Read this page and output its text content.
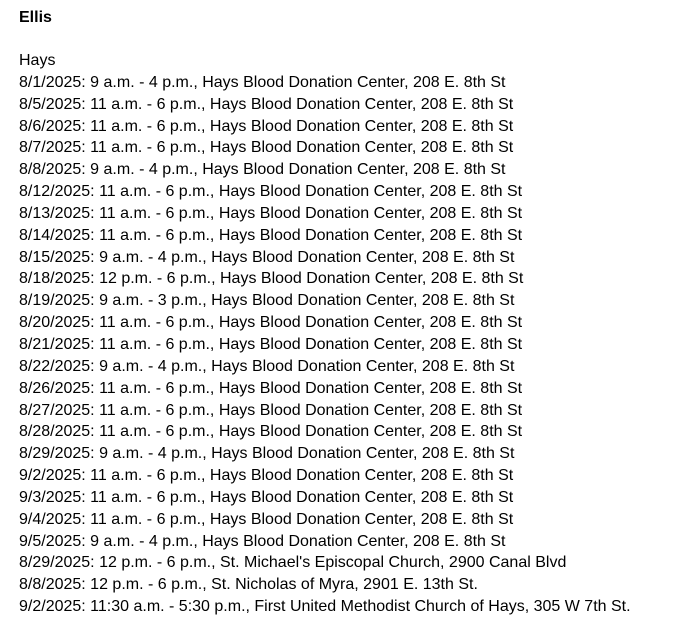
Ellis
Hays
8/1/2025: 9 a.m. - 4 p.m., Hays Blood Donation Center, 208 E. 8th St
8/5/2025: 11 a.m. - 6 p.m., Hays Blood Donation Center, 208 E. 8th St
8/6/2025: 11 a.m. - 6 p.m., Hays Blood Donation Center, 208 E. 8th St
8/7/2025: 11 a.m. - 6 p.m., Hays Blood Donation Center, 208 E. 8th St
8/8/2025: 9 a.m. - 4 p.m., Hays Blood Donation Center, 208 E. 8th St
8/12/2025: 11 a.m. - 6 p.m., Hays Blood Donation Center, 208 E. 8th St
8/13/2025: 11 a.m. - 6 p.m., Hays Blood Donation Center, 208 E. 8th St
8/14/2025: 11 a.m. - 6 p.m., Hays Blood Donation Center, 208 E. 8th St
8/15/2025: 9 a.m. - 4 p.m., Hays Blood Donation Center, 208 E. 8th St
8/18/2025: 12 p.m. - 6 p.m., Hays Blood Donation Center, 208 E. 8th St
8/19/2025: 9 a.m. - 3 p.m., Hays Blood Donation Center, 208 E. 8th St
8/20/2025: 11 a.m. - 6 p.m., Hays Blood Donation Center, 208 E. 8th St
8/21/2025: 11 a.m. - 6 p.m., Hays Blood Donation Center, 208 E. 8th St
8/22/2025: 9 a.m. - 4 p.m., Hays Blood Donation Center, 208 E. 8th St
8/26/2025: 11 a.m. - 6 p.m., Hays Blood Donation Center, 208 E. 8th St
8/27/2025: 11 a.m. - 6 p.m., Hays Blood Donation Center, 208 E. 8th St
8/28/2025: 11 a.m. - 6 p.m., Hays Blood Donation Center, 208 E. 8th St
8/29/2025: 9 a.m. - 4 p.m., Hays Blood Donation Center, 208 E. 8th St
9/2/2025: 11 a.m. - 6 p.m., Hays Blood Donation Center, 208 E. 8th St
9/3/2025: 11 a.m. - 6 p.m., Hays Blood Donation Center, 208 E. 8th St
9/4/2025: 11 a.m. - 6 p.m., Hays Blood Donation Center, 208 E. 8th St
9/5/2025: 9 a.m. - 4 p.m., Hays Blood Donation Center, 208 E. 8th St
8/29/2025: 12 p.m. - 6 p.m., St. Michael's Episcopal Church, 2900 Canal Blvd
8/8/2025: 12 p.m. - 6 p.m., St. Nicholas of Myra, 2901 E. 13th St.
9/2/2025: 11:30 a.m. - 5:30 p.m., First United Methodist Church of Hays, 305 W 7th St.
